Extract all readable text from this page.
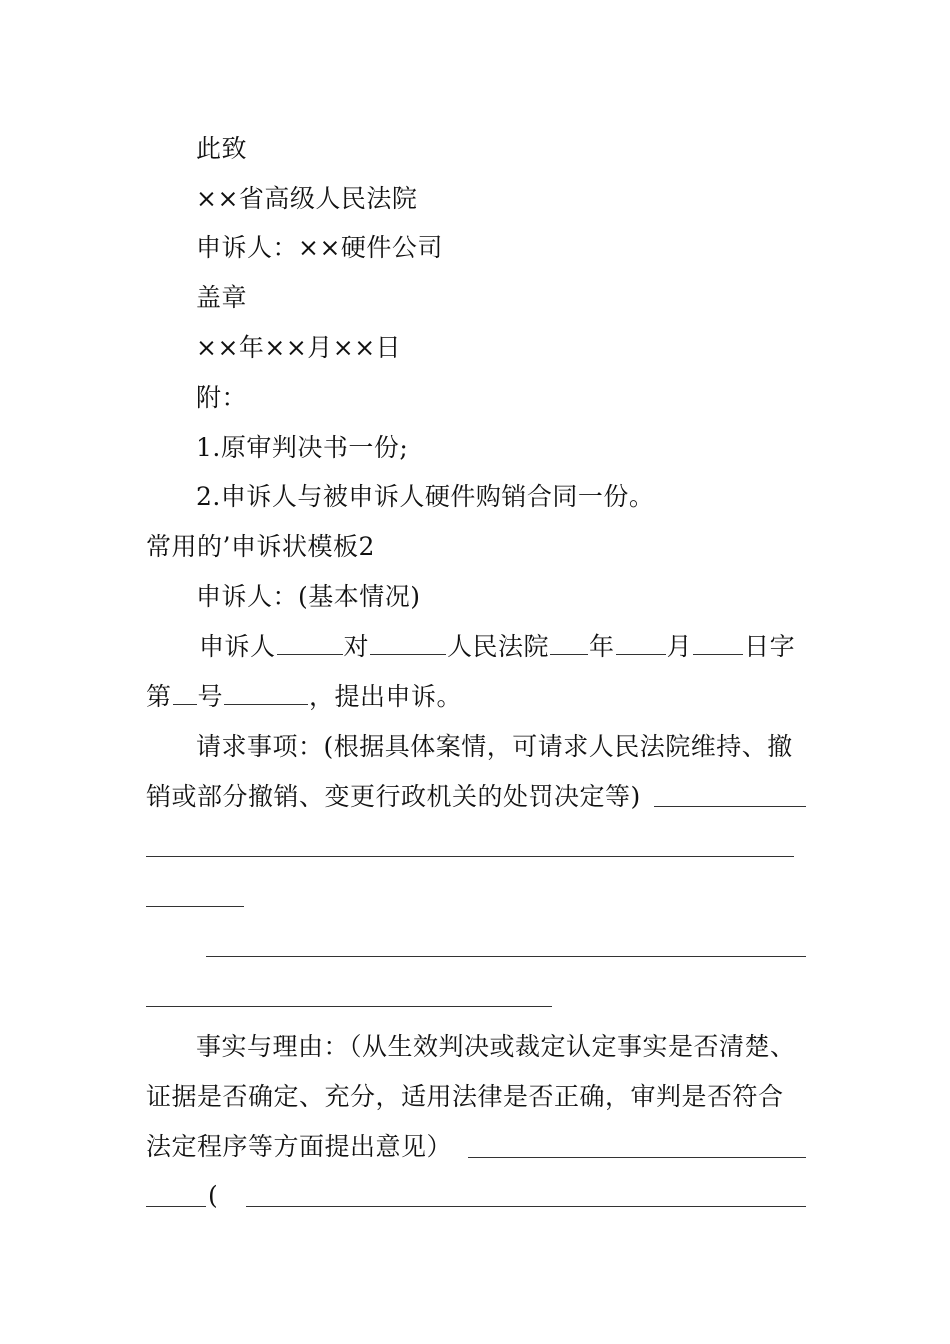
此致
××省高级人民法院
申诉人：××硬件公司
盖章
××年××月××日
附：
1.原审判决书一份;
2.申诉人与被申诉人硬件购销合同一份。
常用的’申诉状模板2
申诉人：(基本情况)
申诉人	对	人民法院 年 月 日字
第 号	，提出申诉。
请求事项：(根据具体案情，可请求人民法院维持、撤
销或部分撤销、变更行政机关的处罚决定等)
事实与理由：（从生效判决或裁定认定事实是否清楚、
证据是否确定、充分，适用法律是否正确，审判是否符合
法定程序等方面提出意见）
(
